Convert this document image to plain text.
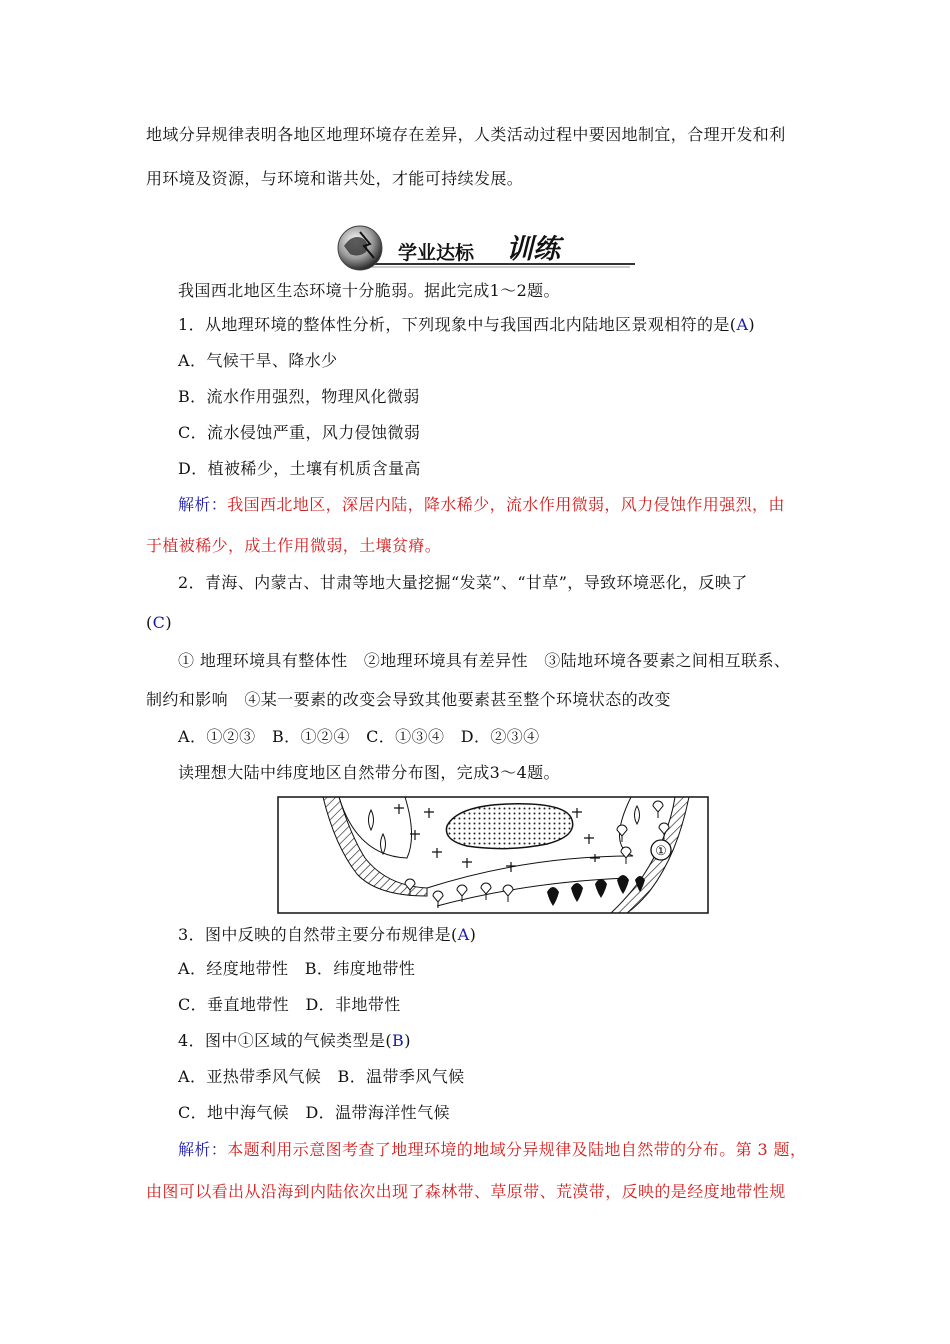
地域分异规律表明各地区地理环境存在差异，人类活动过程中要因地制宜，合理开发和利
用环境及资源，与环境和谐共处，才能可持续发展。
学业达标 训练
我国西北地区生态环境十分脆弱。据此完成1～2题。
1．从地理环境的整体性分析，下列现象中与我国西北内陆地区景观相符的是(A)
A．气候干旱、降水少
B．流水作用强烈，物理风化微弱
C．流水侵蚀严重，风力侵蚀微弱
D．植被稀少，土壤有机质含量高
解析：我国西北地区，深居内陆，降水稀少，流水作用微弱，风力侵蚀作用强烈，由
于植被稀少，成土作用微弱，土壤贫瘠。
2．青海、内蒙古、甘肃等地大量挖掘“发菜”、“甘草”，导致环境恶化，反映了
(C)
① 地理环境具有整体性　②地理环境具有差异性　③陆地环境各要素之间相互联系、
制约和影响　④某一要素的改变会导致其他要素甚至整个环境状态的改变
A．①②③　B．①②④　C．①③④　D．②③④
读理想大陆中纬度地区自然带分布图，完成3～4题。
①
3．图中反映的自然带主要分布规律是(A)
A．经度地带性　B．纬度地带性
C．垂直地带性　D．非地带性
4．图中①区域的气候类型是(B)
A．亚热带季风气候　B．温带季风气候
C．地中海气候　D．温带海洋性气候
解析：本题利用示意图考查了地理环境的地域分异规律及陆地自然带的分布。第 3 题，
由图可以看出从沿海到内陆依次出现了森林带、草原带、荒漠带，反映的是经度地带性规
